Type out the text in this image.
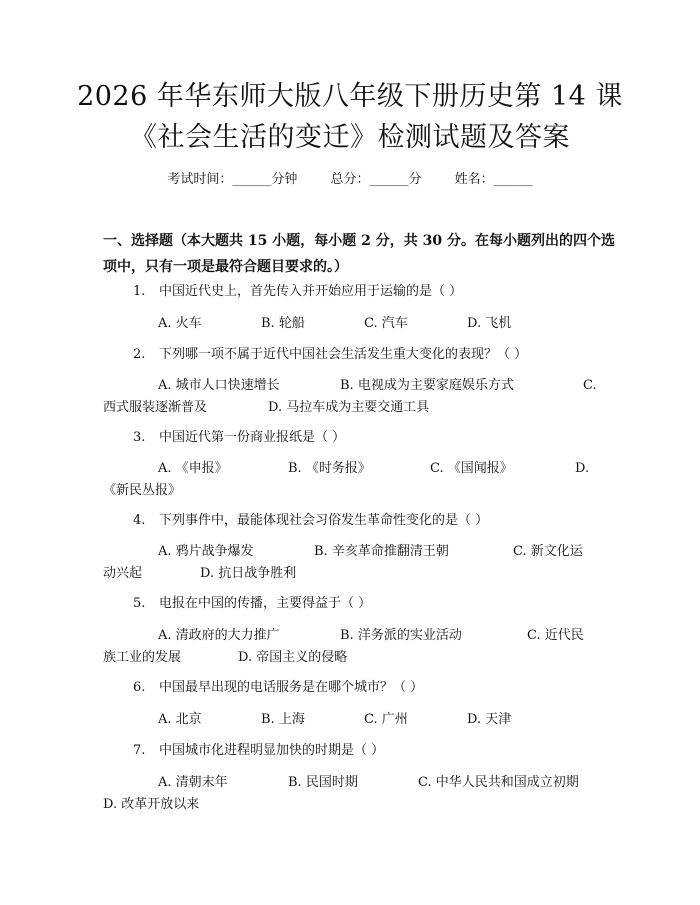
2026 年华东师大版八年级下册历史第 14 课
《社会生活的变迁》检测试题及答案
考试时间：______分钟	总分：______分	姓名：______
一、选择题（本大题共 15 小题，每小题 2 分，共 30 分。在每小题列出的四个选项中，只有一项是最符合题目要求的。）
1. 中国近代史上，首先传入并开始应用于运输的是（ ）
A. 火车	B. 轮船	C. 汽车	D. 飞机
2. 下列哪一项不属于近代中国社会生活发生重大变化的表现？（ ）
A. 城市人口快速增长	B. 电视成为主要家庭娱乐方式	C.
西式服装逐渐普及	D. 马拉车成为主要交通工具
3. 中国近代第一份商业报纸是（ ）
A. 《申报》	B. 《时务报》	C. 《国闻报》	D.
《新民丛报》
4. 下列事件中，最能体现社会习俗发生革命性变化的是（ ）
A. 鸦片战争爆发	B. 辛亥革命推翻清王朝	C. 新文化运
动兴起	D. 抗日战争胜利
5. 电报在中国的传播，主要得益于（ ）
A. 清政府的大力推广	B. 洋务派的实业活动	C. 近代民
族工业的发展	D. 帝国主义的侵略
6. 中国最早出现的电话服务是在哪个城市？（ ）
A. 北京	B. 上海	C. 广州	D. 天津
7. 中国城市化进程明显加快的时期是（ ）
A. 清朝末年	B. 民国时期	C. 中华人民共和国成立初期
D. 改革开放以来
